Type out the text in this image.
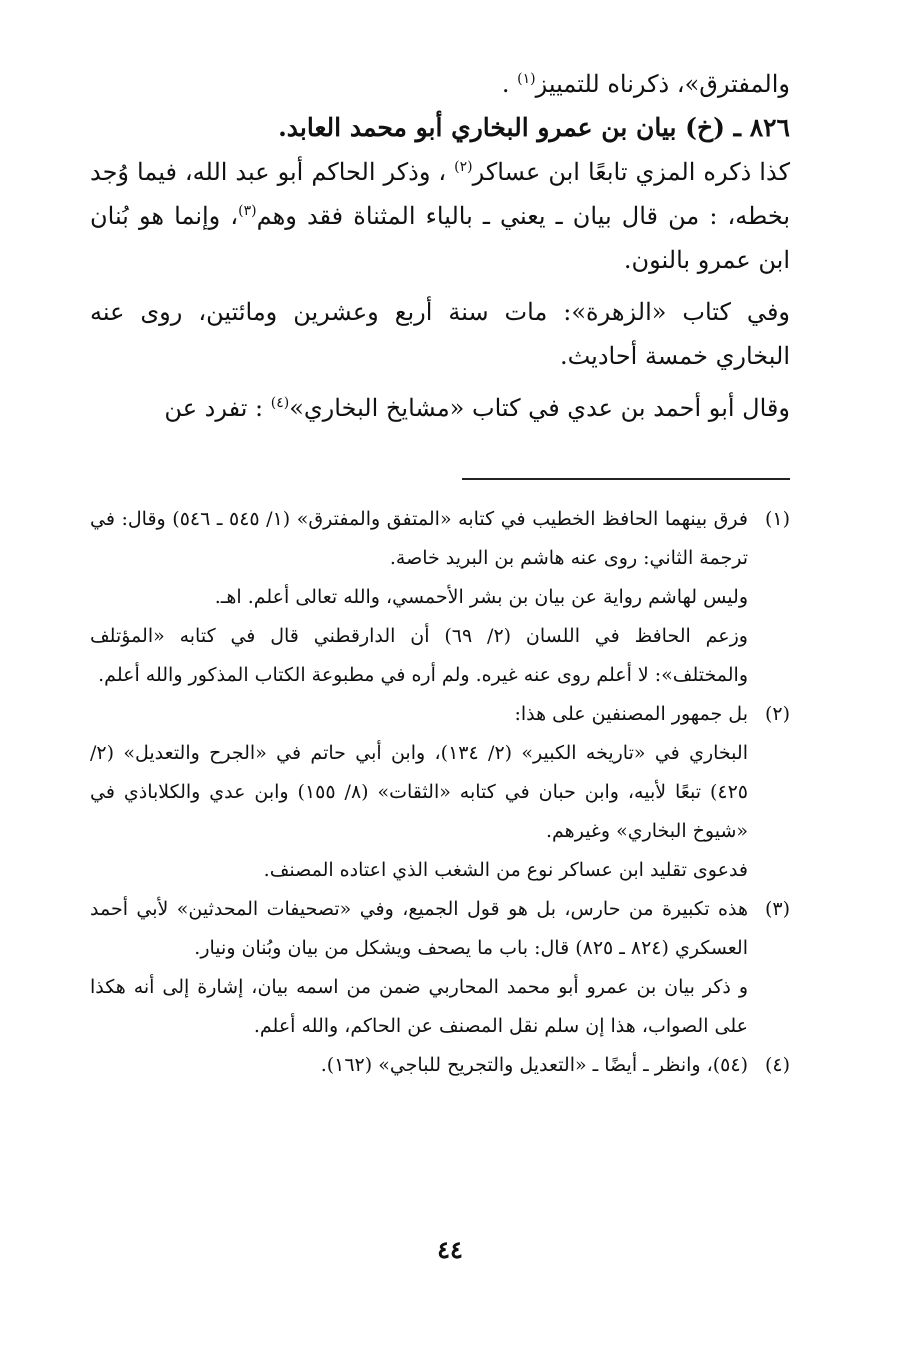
والمفترق»، ذكرناه للتمييز$^{(١)}$ .

٨٢٦ ـ (خ) بيان بن عمرو البخاري أبو محمد العابد.

كذا ذكره المزي تابعًا ابن عساكر$^{(٢)}$ ، وذكر الحاكم أبو عبد الله، فيما وُجد بخطه، : من قال بيان ـ يعني ـ بالياء المثناة فقد وهم$^{(٣)}$، وإنما هو بُنان ابن عمرو بالنون.

وفي كتاب «الزهرة»: مات سنة أربع وعشرين ومائتين، روى عنه البخاري خمسة أحاديث.

وقال أبو أحمد بن عدي في كتاب «مشايخ البخاري»$^{(٤)}$ : تفرد عن

(١)

فرق بينهما الحافظ الخطيب في كتابه «المتفق والمفترق» (١/ ٥٤٥ ـ ٥٤٦) وقال: في ترجمة الثاني: روى عنه هاشم بن البريد خاصة.

وليس لهاشم رواية عن بيان بن بشر الأحمسي، والله تعالى أعلم. اهـ.

وزعم الحافظ في اللسان (٢/ ٦٩) أن الدارقطني قال في كتابه «المؤتلف والمختلف»: لا أعلم روى عنه غيره. ولم أره في مطبوعة الكتاب المذكور والله أعلم.

(٢)

بل جمهور المصنفين على هذا:

البخاري في «تاريخه الكبير» (٢/ ١٣٤)، وابن أبي حاتم في «الجرح والتعديل» (٢/ ٤٢٥) تبعًا لأبيه، وابن حبان في كتابه «الثقات» (٨/ ١٥٥) وابن عدي والكلاباذي في «شيوخ البخاري» وغيرهم.

فدعوى تقليد ابن عساكر نوع من الشغب الذي اعتاده المصنف.

(٣)

هذه تكبيرة من حارس، بل هو قول الجميع، وفي «تصحيفات المحدثين» لأبي أحمد العسكري (٨٢٤ ـ ٨٢٥) قال: باب ما يصحف ويشكل من بيان وبُنان ونيار.

و ذكر بيان بن عمرو أبو محمد المحاربي ضمن من اسمه بيان، إشارة إلى أنه هكذا على الصواب، هذا إن سلم نقل المصنف عن الحاكم، والله أعلم.

(٤)

(٥٤)، وانظر ـ أيضًا ـ «التعديل والتجريح للباجي» (١٦٢).

٤٤
